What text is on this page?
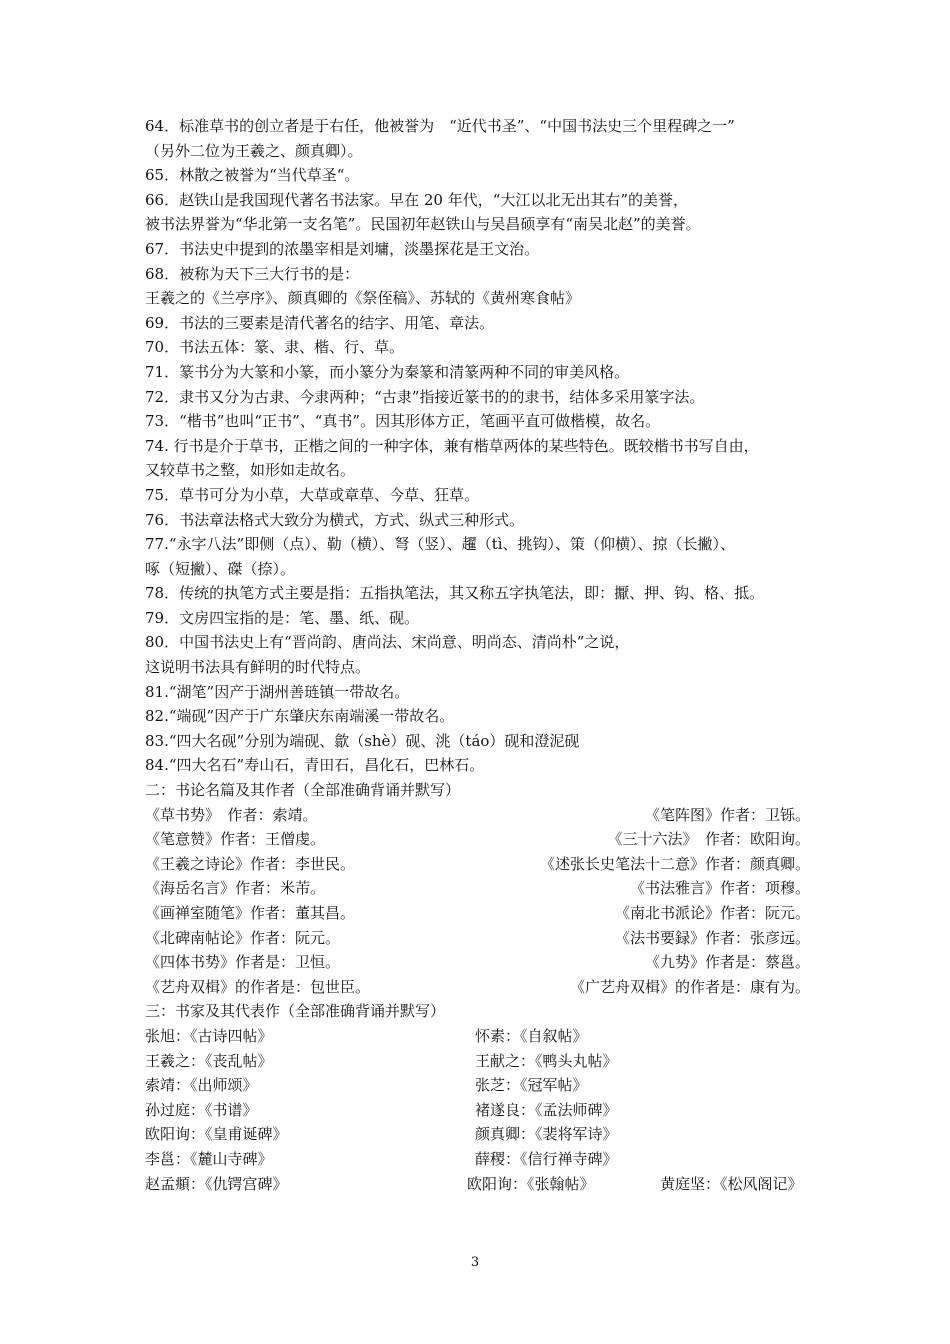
64．标准草书的创立者是于右任，他被誉为　“近代书圣”、“中国书法史三个里程碑之一”
（另外二位为王羲之、颜真卿）。
65．林散之被誉为“当代草圣“。
66．赵铁山是我国现代著名书法家。早在 20 年代，“大江以北无出其右”的美誉，
被书法界誉为“华北第一支名笔”。民国初年赵铁山与吴昌硕享有“南吴北赵”的美誉。
67．书法史中提到的浓墨宰相是刘墉，淡墨探花是王文治。
68．被称为天下三大行书的是：
王羲之的《兰亭序》、颜真卿的《祭侄稿》、苏轼的《黄州寒食帖》
69．书法的三要素是清代著名的结字、用笔、章法。
70．书法五体：篆、隶、楷、行、草。
71．篆书分为大篆和小篆，而小篆分为秦篆和清篆两种不同的审美风格。
72．隶书又分为古隶、今隶两种；“古隶”指接近篆书的的隶书，结体多采用篆字法。
73．“楷书”也叫“正书”、“真书”。因其形体方正，笔画平直可做楷模，故名。
74. 行书是介于草书，正楷之间的一种字体，兼有楷草两体的某些特色。既较楷书书写自由，
又较草书之整，如形如走故名。
75．草书可分为小草，大草或章草、今草、狂草。
76．书法章法格式大致分为横式，方式、纵式三种形式。
77.“永字八法”即侧（点）、勒（横）、弩（竖）、趯（tì、挑钩）、策（仰横）、掠（长撇）、
啄（短撇）、磔（捺）。
78．传统的执笔方式主要是指：五指执笔法，其又称五字执笔法，即：擫、押、钩、格、抵。
79．文房四宝指的是：笔、墨、纸、砚。
80．中国书法史上有“晋尚韵、唐尚法、宋尚意、明尚态、清尚朴”之说，
这说明书法具有鲜明的时代特点。
81.“湖笔”因产于湖州善琏镇一带故名。
82.“端砚”因产于广东肇庆东南端溪一带故名。
83.“四大名砚”分别为端砚、歙（shè）砚、洮（táo）砚和澄泥砚
84.“四大名石”寿山石，青田石，昌化石，巴林石。
二：书论名篇及其作者（全部准确背诵并默写）
《草书势》　作者：索靖。	《笔阵图》作者：卫铄。
《笔意赞》作者：王僧虔。	《三十六法》　作者：欧阳询。
《王羲之诗论》作者：李世民。	《述张长史笔法十二意》作者：颜真卿。
《海岳名言》作者：米芾。	《书法雅言》作者：项穆。
《画禅室随笔》作者：董其昌。	《南北书派论》作者：阮元。
《北碑南帖论》作者：阮元。	《法书要録》作者：张彦远。
《四体书势》作者是：卫恒。	《九势》作者是：蔡邕。
《艺舟双楫》的作者是：包世臣。	《广艺舟双楫》的作者是：康有为。
三：书家及其代表作（全部准确背诵并默写）
张旭：《古诗四帖》	怀素：《自叙帖》
王羲之：《丧乱帖》	王献之：《鸭头丸帖》
索靖：《出师颂》	张芝：《冠军帖》
孙过庭：《书谱》	褚遂良：《孟法师碑》
欧阳询：《皇甫诞碑》	颜真卿：《裴将军诗》
李邕：《麓山寺碑》	薛稷：《信行禅寺碑》
赵孟頫：《仇锷宫碑》	欧阳询：《张翰帖》	黄庭坚：《松风阁记》
3
